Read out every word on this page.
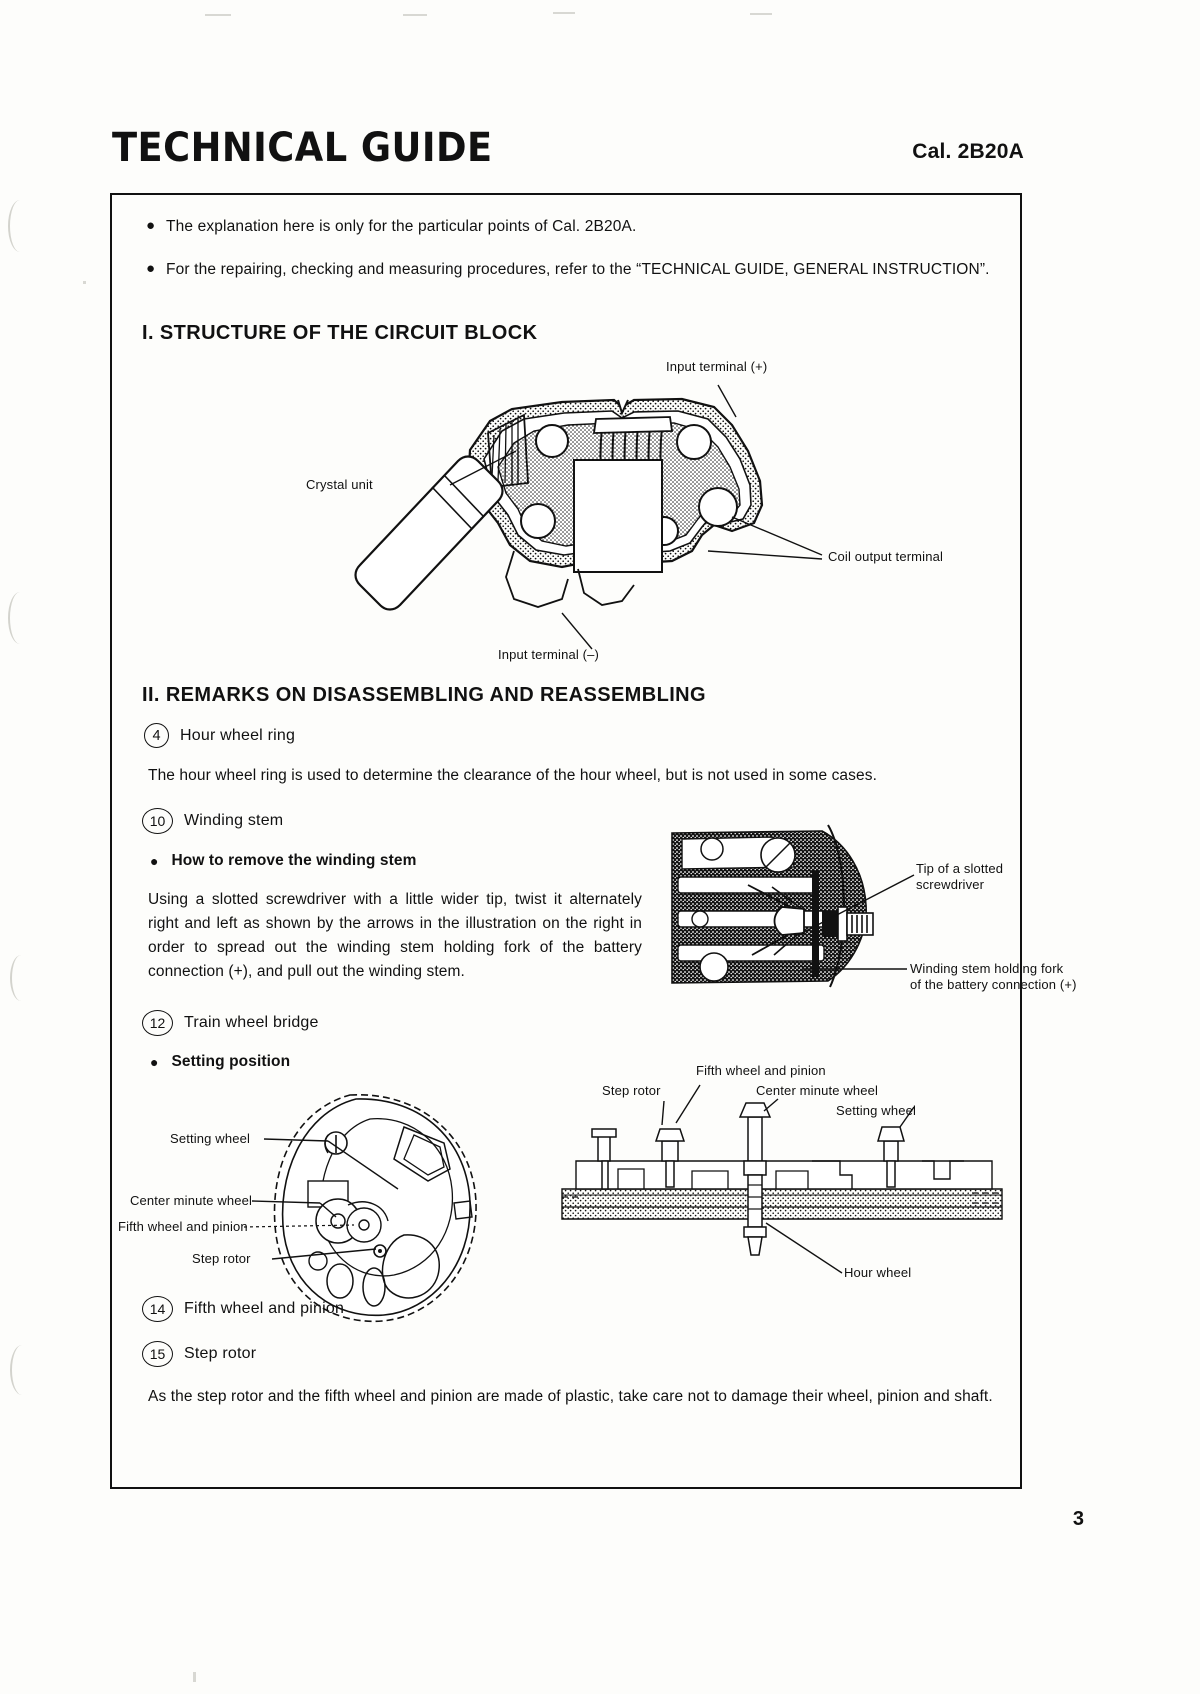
TECHNICAL GUIDE	Cal. 2B20A
● The explanation here is only for the particular points of Cal. 2B20A.
● For the repairing, checking and measuring procedures, refer to the “TECHNICAL GUIDE, GENERAL INSTRUCTION”.
I. STRUCTURE OF THE CIRCUIT BLOCK
Input terminal (+)
Crystal unit
Coil output terminal
Input terminal (–)
II. REMARKS ON DISASSEMBLING AND REASSEMBLING
4	Hour wheel ring
The hour wheel ring is used to determine the clearance of the hour wheel, but is not used in some cases.
10	Winding stem
● How to remove the winding stem
Using a slotted screwdriver with a little wider tip, twist it alternately right and left as shown by the arrows in the illustration on the right in order to spread out the winding stem holding fork of the battery connection (+), and pull out the winding stem.
Tip of a slotted
screwdriver
Winding stem holding fork
of the battery connection (+)
12	Train wheel bridge
● Setting position
Setting wheel
Center minute wheel
Fifth wheel and pinion
Step rotor
Step rotor
Fifth wheel and pinion
Center minute wheel
Setting wheel
Hour wheel
14	Fifth wheel and pinion
15	Step rotor
As the step rotor and the fifth wheel and pinion are made of plastic, take care not to damage their wheel, pinion and shaft.
3
